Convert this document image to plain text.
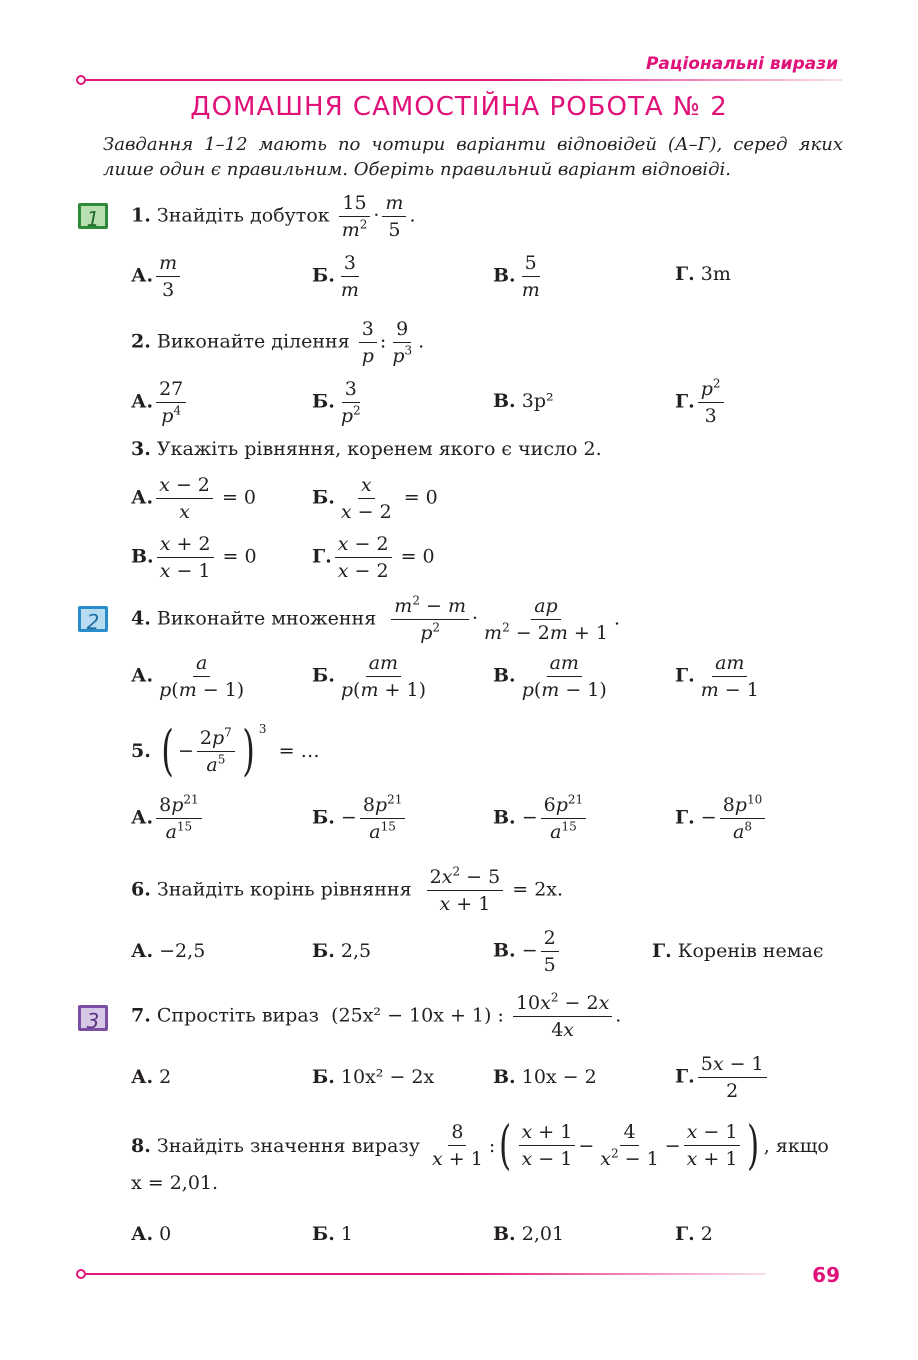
Раціональні вирази
ДОМАШНЯ САМОСТІЙНА РОБОТА № 2
Завдання 1–12 мають по чотири варіанти відповідей (А–Г), серед яких лише один є правильним. Оберіть правильний варіант відповіді.
1
2
3
1. Знайдіть добуток $\frac{15}{m^2} \cdot \frac{m}{5}$ .
А. $\frac{m}{3}$	Б. $\frac{3}{m}$	В. $\frac{5}{m}$	Г. 3m
2. Виконайте ділення $\frac{3}{p}$ : $\frac{9}{p^3}$ .
А. $\frac{27}{p^4}$	Б. $\frac{3}{p^2}$	В. 3p²	Г. $\frac{p^2}{3}$
3. Укажіть рівняння, коренем якого є число 2.
А. $\frac{x - 2}{x} = 0$	Б. $\frac{x}{x - 2} = 0$
В. $\frac{x + 2}{x - 1} = 0$	Г. $\frac{x - 2}{x - 2} = 0$
4. Виконайте множення $\frac{m^2 - m}{p^2} \cdot \frac{ap}{m^2 - 2m + 1}$ .
А. $\frac{a}{p(m - 1)}$	Б. $\frac{am}{p(m + 1)}$	В. $\frac{am}{p(m - 1)}$	Г. $\frac{am}{m - 1}$
5.
( − $\frac{2p^7}{a^5}$ ) $^3$

= …
А. $\frac{8p^{21}}{a^{15}}$	Б. − $\frac{8p^{21}}{a^{15}}$	В. − $\frac{6p^{21}}{a^{15}}$	Г. − $\frac{8p^{10}}{a^8}$
6. Знайдіть корінь рівняння $\frac{2x^2 - 5}{x + 1} = 2x$.
А. −2,5	Б. 2,5	В. − $\frac{2}{5}$	Г. Коренів немає
7. Спростіть вираз (25x² − 10x + 1) : $\frac{10x^2 - 2x}{4x}$ .
А. 2	Б. 10x² − 2x	В. 10x − 2	Г. $\frac{5x - 1}{2}$
8.
Знайдіть значення виразу
$\frac{8}{x + 1}$ : ( $\frac{x + 1}{x - 1} - \frac{4}{x^2 - 1} - \frac{x - 1}{x + 1}$ ) , якщо
x = 2,01.
А. 0	Б. 1	В. 2,01	Г. 2
69
